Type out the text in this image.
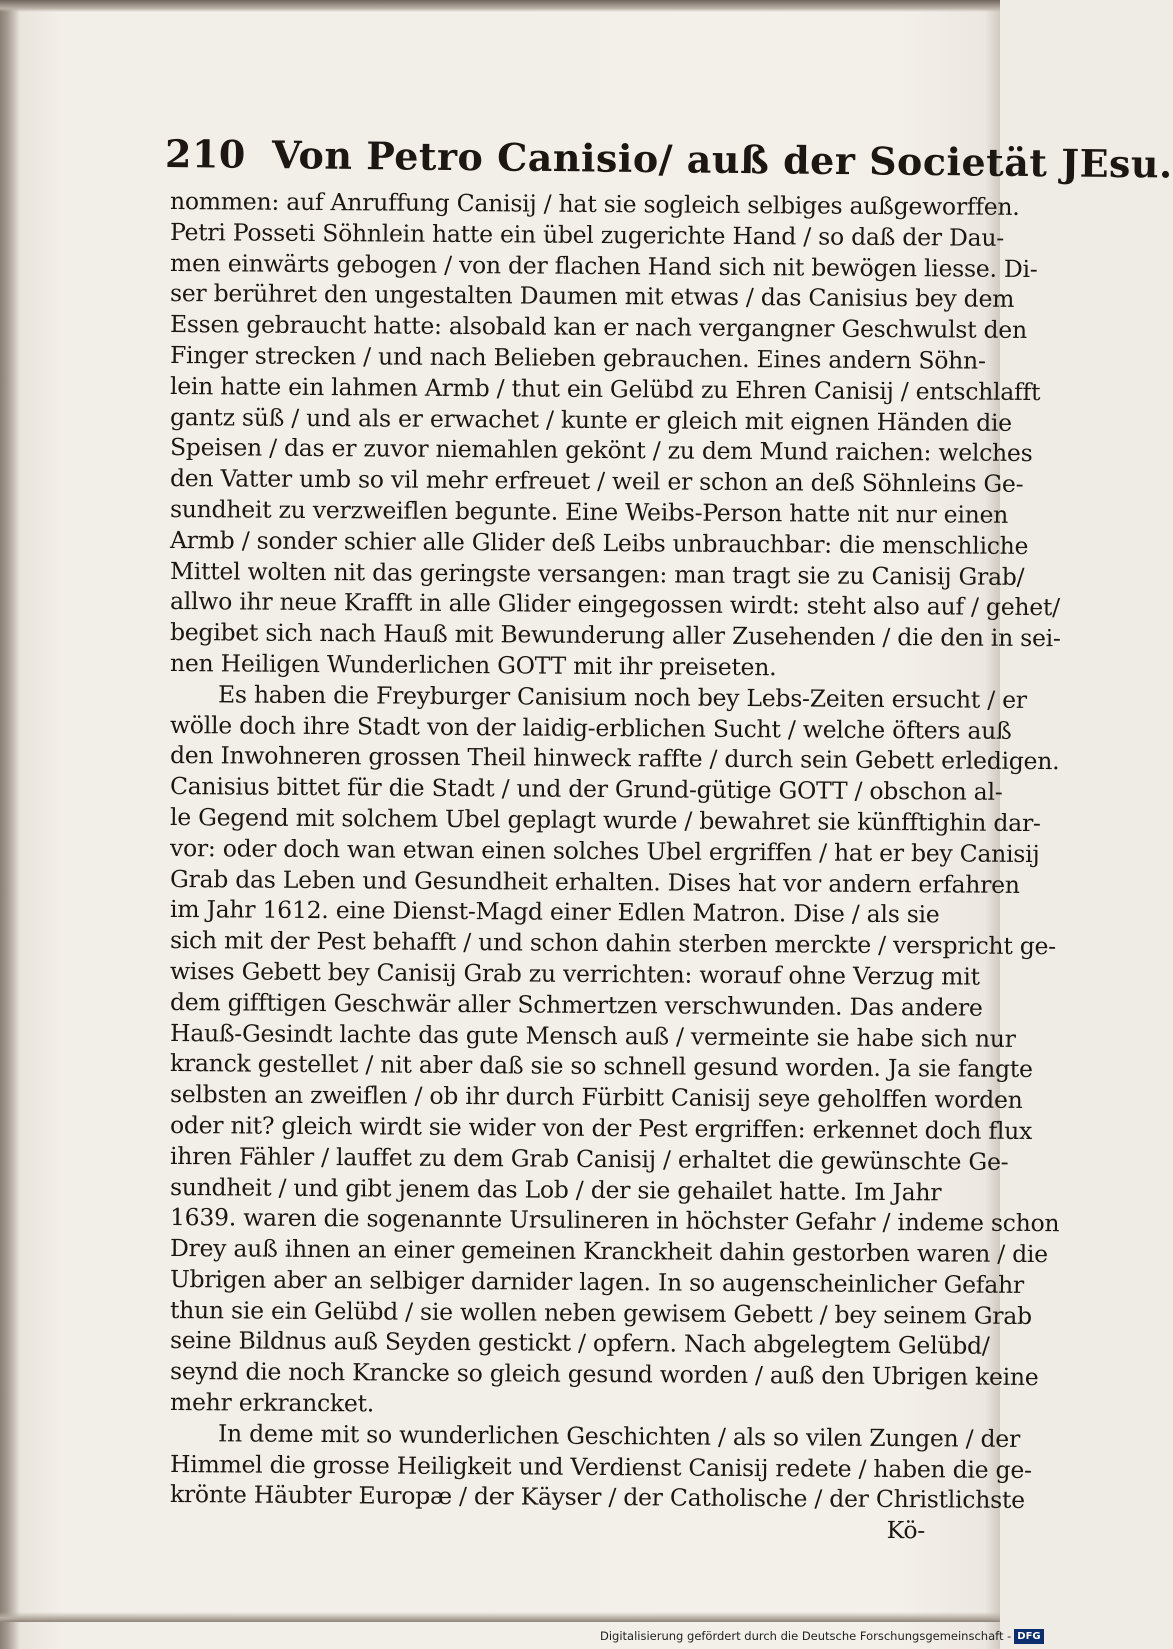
210 Von Petro Canisio/ auß der Societät JEsu.
nommen: auf Anruffung Canisij / hat sie sogleich selbiges außgeworffen.
Petri Posseti Söhnlein hatte ein übel zugerichte Hand / so daß der Dau-
men einwärts gebogen / von der flachen Hand sich nit bewögen liesse. Di-
ser berühret den ungestalten Daumen mit etwas / das Canisius bey dem
Essen gebraucht hatte: alsobald kan er nach vergangner Geschwulst den
Finger strecken / und nach Belieben gebrauchen. Eines andern Söhn-
lein hatte ein lahmen Armb / thut ein Gelübd zu Ehren Canisij / entschlafft
gantz süß / und als er erwachet / kunte er gleich mit eignen Händen die
Speisen / das er zuvor niemahlen gekönt / zu dem Mund raichen: welches
den Vatter umb so vil mehr erfreuet / weil er schon an deß Söhnleins Ge-
sundheit zu verzweiflen begunte. Eine Weibs-Person hatte nit nur einen
Armb / sonder schier alle Glider deß Leibs unbrauchbar: die menschliche
Mittel wolten nit das geringste versangen: man tragt sie zu Canisij Grab/
allwo ihr neue Krafft in alle Glider eingegossen wirdt: steht also auf / gehet/
begibet sich nach Hauß mit Bewunderung aller Zusehenden / die den in sei-
nen Heiligen Wunderlichen GOTT mit ihr preiseten.
Es haben die Freyburger Canisium noch bey Lebs-Zeiten ersucht / er
wölle doch ihre Stadt von der laidig-erblichen Sucht / welche öfters auß
den Inwohneren grossen Theil hinweck raffte / durch sein Gebett erledigen.
Canisius bittet für die Stadt / und der Grund-gütige GOTT / obschon al-
le Gegend mit solchem Ubel geplagt wurde / bewahret sie künfftighin dar-
vor: oder doch wan etwan einen solches Ubel ergriffen / hat er bey Canisij
Grab das Leben und Gesundheit erhalten. Dises hat vor andern erfahren
im Jahr 1612. eine Dienst-Magd einer Edlen Matron. Dise / als sie
sich mit der Pest behafft / und schon dahin sterben merckte / verspricht ge-
wises Gebett bey Canisij Grab zu verrichten: worauf ohne Verzug mit
dem gifftigen Geschwär aller Schmertzen verschwunden. Das andere
Hauß-Gesindt lachte das gute Mensch auß / vermeinte sie habe sich nur
kranck gestellet / nit aber daß sie so schnell gesund worden. Ja sie fangte
selbsten an zweiflen / ob ihr durch Fürbitt Canisij seye geholffen worden
oder nit? gleich wirdt sie wider von der Pest ergriffen: erkennet doch flux
ihren Fähler / lauffet zu dem Grab Canisij / erhaltet die gewünschte Ge-
sundheit / und gibt jenem das Lob / der sie gehailet hatte. Im Jahr
1639. waren die sogenannte Ursulineren in höchster Gefahr / indeme schon
Drey auß ihnen an einer gemeinen Kranckheit dahin gestorben waren / die
Ubrigen aber an selbiger darnider lagen. In so augenscheinlicher Gefahr
thun sie ein Gelübd / sie wollen neben gewisem Gebett / bey seinem Grab
seine Bildnus auß Seyden gestickt / opfern. Nach abgelegtem Gelübd/
seynd die noch Krancke so gleich gesund worden / auß den Ubrigen keine
mehr erkrancket.
In deme mit so wunderlichen Geschichten / als so vilen Zungen / der
Himmel die grosse Heiligkeit und Verdienst Canisij redete / haben die ge-
krönte Häubter Europæ / der Käyser / der Catholische / der Christlichste
Kö-
Digitalisierung gefördert durch die Deutsche Forschungsgemeinschaft - DFG
